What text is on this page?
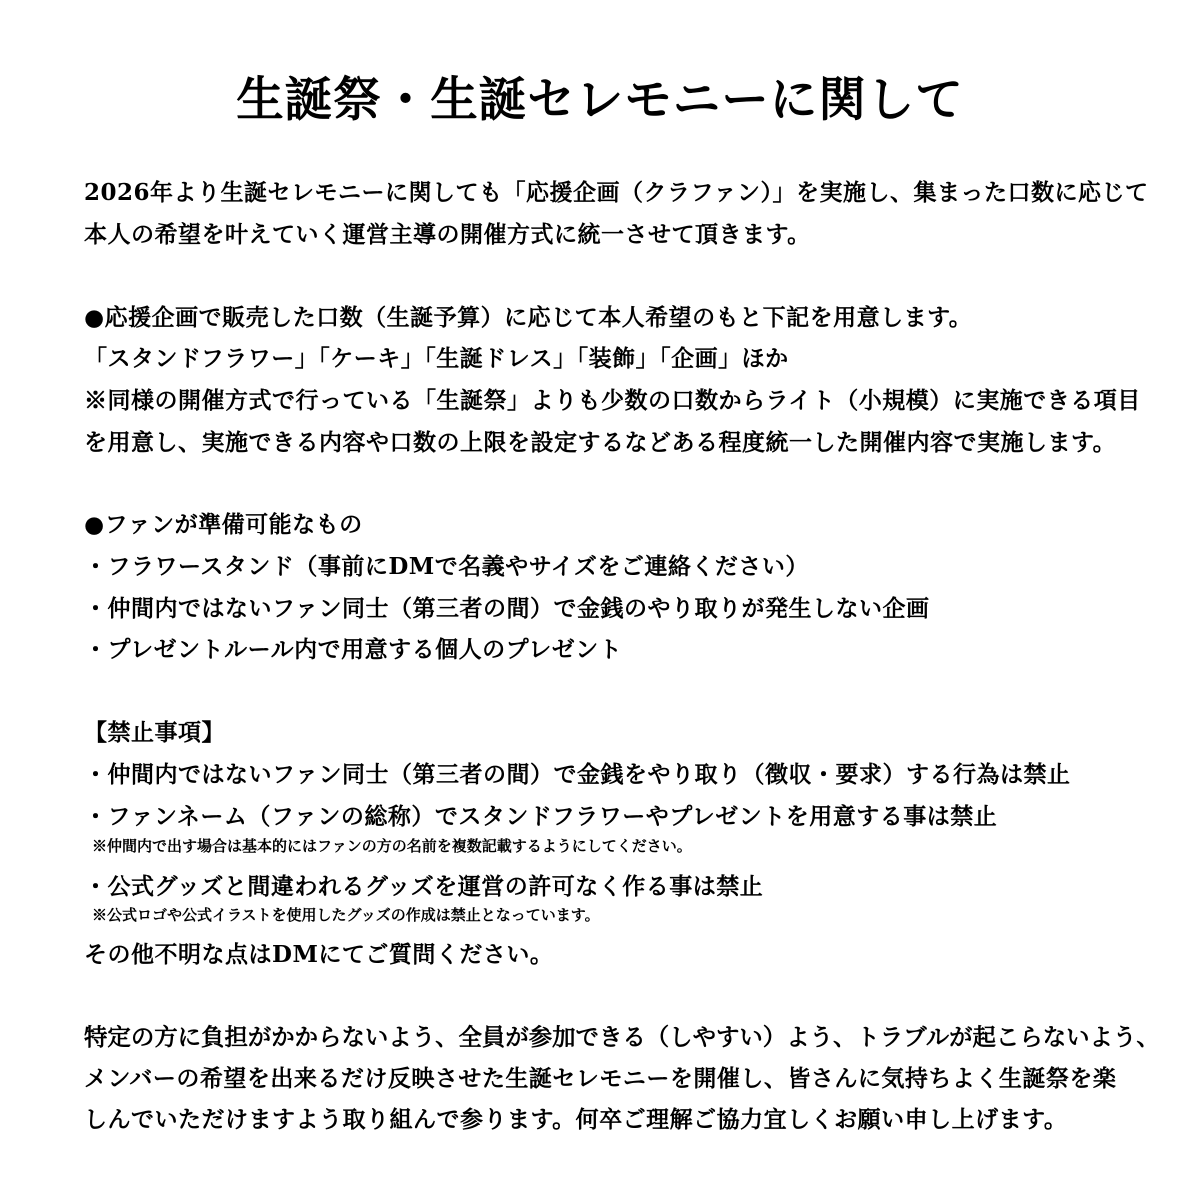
生誕祭・生誕セレモニーに関して
2026年より生誕セレモニーに関しても「応援企画（クラファン）」を実施し、集まった口数に応じて
本人の希望を叶えていく運営主導の開催方式に統一させて頂きます。
●応援企画で販売した口数（生誕予算）に応じて本人希望のもと下記を用意します。
「スタンドフラワー」「ケーキ」「生誕ドレス」「装飾」「企画」ほか
※同様の開催方式で行っている「生誕祭」よりも少数の口数からライト（小規模）に実施できる項目
を用意し、実施できる内容や口数の上限を設定するなどある程度統一した開催内容で実施します。
●ファンが準備可能なもの
・フラワースタンド（事前にDMで名義やサイズをご連絡ください）
・仲間内ではないファン同士（第三者の間）で金銭のやり取りが発生しない企画
・プレゼントルール内で用意する個人のプレゼント
【禁止事項】
・仲間内ではないファン同士（第三者の間）で金銭をやり取り（徴収・要求）する行為は禁止
・ファンネーム（ファンの総称）でスタンドフラワーやプレゼントを用意する事は禁止
※仲間内で出す場合は基本的にはファンの方の名前を複数記載するようにしてください。
・公式グッズと間違われるグッズを運営の許可なく作る事は禁止
※公式ロゴや公式イラストを使用したグッズの作成は禁止となっています。
その他不明な点はDMにてご質問ください。
特定の方に負担がかからないよう、全員が参加できる（しやすい）よう、トラブルが起こらないよう、
メンバーの希望を出来るだけ反映させた生誕セレモニーを開催し、皆さんに気持ちよく生誕祭を楽
しんでいただけますよう取り組んで参ります。何卒ご理解ご協力宜しくお願い申し上げます。
